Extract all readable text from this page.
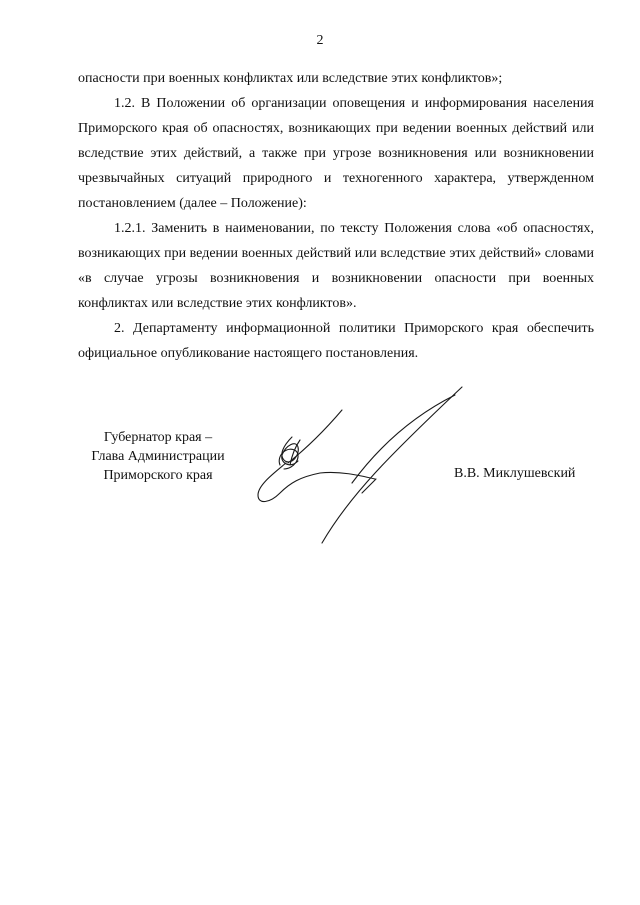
2

опасности при военных конфликтах или вследствие этих конфликтов»;

1.2. В Положении об организации оповещения и информирования населения Приморского края об опасностях, возникающих при ведении военных действий или вследствие этих действий, а также при угрозе возникновения или возникновении чрезвычайных ситуаций природного и техногенного характера, утвержденном постановлением (далее – Положение):

1.2.1. Заменить в наименовании, по тексту Положения слова «об опасностях, возникающих при ведении военных действий или вследствие этих действий» словами «в случае угрозы возникновения и возникновении опасности при военных конфликтах или вследствие этих конфликтов».

2. Департаменту информационной политики Приморского края обеспечить официальное опубликование настоящего постановления.

Губернатор края –
Глава Администрации
Приморского края	В.В. Миклушевский
